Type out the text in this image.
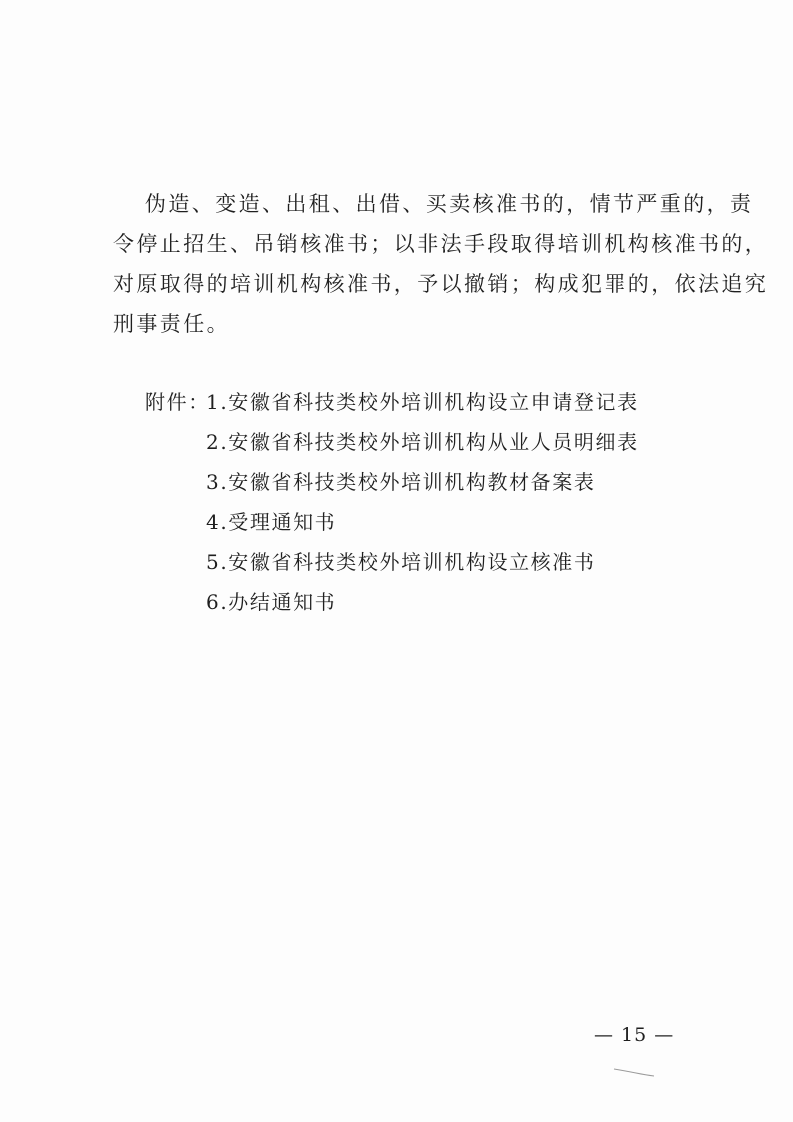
伪造、变造、出租、出借、买卖核准书的，情节严重的，责
令停止招生、吊销核准书；以非法手段取得培训机构核准书的，
对原取得的培训机构核准书，予以撤销；构成犯罪的，依法追究
刑事责任。
附件：
1.安徽省科技类校外培训机构设立申请登记表
2.安徽省科技类校外培训机构从业人员明细表
3.安徽省科技类校外培训机构教材备案表
4.受理通知书
5.安徽省科技类校外培训机构设立核准书
6.办结通知书
— 15 —
